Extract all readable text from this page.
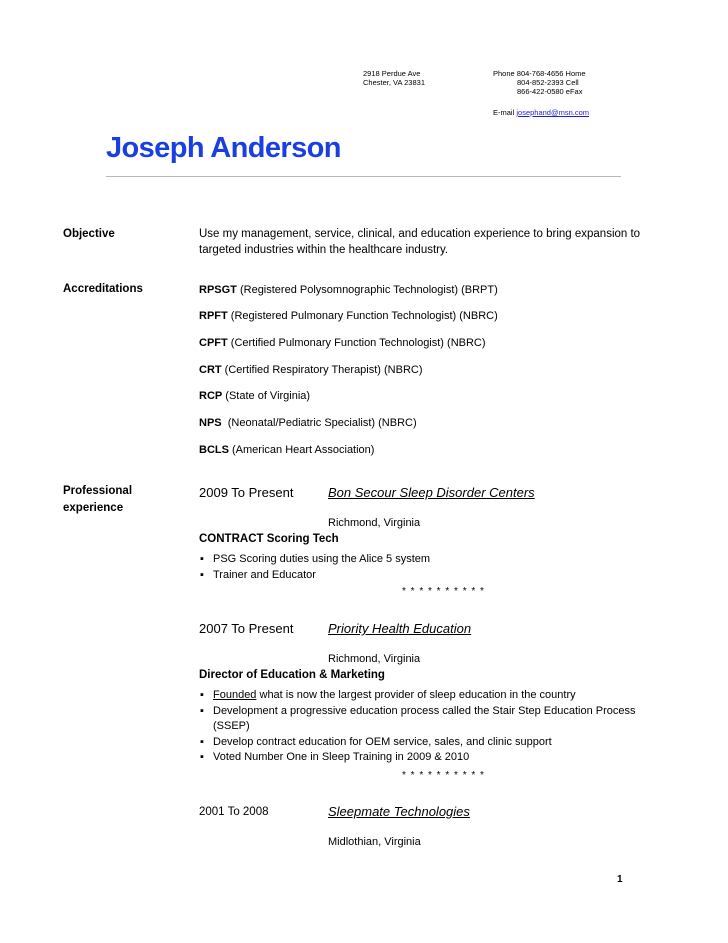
2918 Perdue Ave
Chester, VA 23831
Phone 804-768-4656 Home
804-852-2393 Cell
866-422-0580 eFax
E-mail josephand@msn.com
Joseph Anderson
Objective	Use my management, service, clinical, and education experience to bring expansion to targeted industries within the healthcare industry.
Accreditations	RPSGT (Registered Polysomnographic Technologist) (BRPT)
RPFT (Registered Pulmonary Function Technologist) (NBRC)
CPFT (Certified Pulmonary Function Technologist) (NBRC)
CRT (Certified Respiratory Therapist) (NBRC)
RCP (State of Virginia)
NPS  (Neonatal/Pediatric Specialist) (NBRC)
BCLS (American Heart Association)
Professional
experience
2009 To Present	Bon Secour Sleep Disorder Centers
Richmond, Virginia
CONTRACT Scoring Tech
▪ PSG Scoring duties using the Alice 5 system
▪ Trainer and Educator
* * * * * * * * * *
2007 To Present	Priority Health Education
Richmond, Virginia
Director of Education & Marketing
▪ Founded what is now the largest provider of sleep education in the country
▪ Development a progressive education process called the Stair Step Education Process (SSEP)
▪ Develop contract education for OEM service, sales, and clinic support
▪ Voted Number One in Sleep Training in 2009 & 2010
* * * * * * * * * *
2001 To 2008	Sleepmate Technologies
Midlothian, Virginia
1
